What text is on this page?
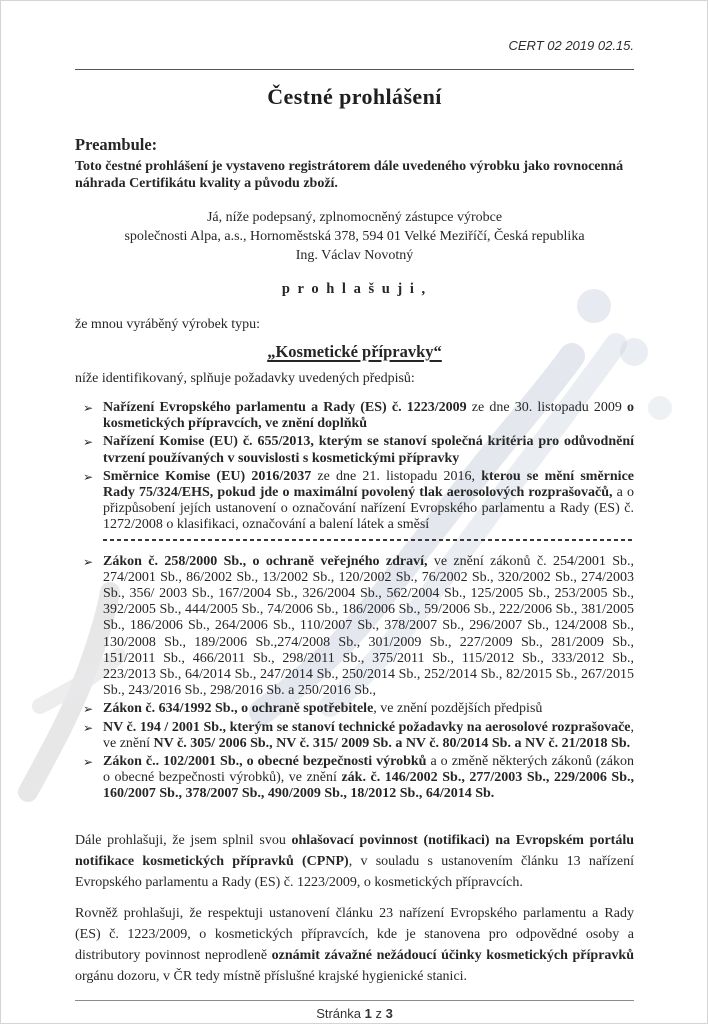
CERT 02 2019 02.15.
Čestné prohlášení
Preambule:
Toto čestné prohlášení je vystaveno registrátorem dále uvedeného výrobku jako rovnocenná náhrada Certifikátu kvality a původu zboží.
Já, níže podepsaný, zplnomocněný zástupce výrobce
společnosti Alpa, a.s., Hornoměstská 378, 594 01 Velké Meziříčí, Česká republika
Ing. Václav Novotný
p r o h l a š u j i ,
že mnou vyráběný výrobek typu:
„Kosmetické přípravky“
níže identifikovaný, splňuje požadavky uvedených předpisů:
➢ Nařízení Evropského parlamentu a Rady (ES) č. 1223/2009 ze dne 30. listopadu 2009 o kosmetických přípravcích, ve znění doplňků
➢ Nařízení Komise (EU) č. 655/2013, kterým se stanoví společná kritéria pro odůvodnění tvrzení používaných v souvislosti s kosmetickými přípravky
➢ Směrnice Komise (EU) 2016/2037 ze dne 21. listopadu 2016, kterou se mění směrnice Rady 75/324/EHS, pokud jde o maximální povolený tlak aerosolových rozprašovačů, a o přizpůsobení jejích ustanovení o označování nařízení Evropského parlamentu a Rady (ES) č. 1272/2008 o klasifikaci, označování a balení látek a směsí
➢ Zákon č. 258/2000 Sb., o ochraně veřejného zdraví, ve znění zákonů č. 254/2001 Sb., 274/2001 Sb., 86/2002 Sb., 13/2002 Sb., 120/2002 Sb., 76/2002 Sb., 320/2002 Sb., 274/2003 Sb., 356/ 2003 Sb., 167/2004 Sb., 326/2004 Sb., 562/2004 Sb., 125/2005 Sb., 253/2005 Sb., 392/2005 Sb., 444/2005 Sb., 74/2006 Sb., 186/2006 Sb., 59/2006 Sb., 222/2006 Sb., 381/2005 Sb., 186/2006 Sb., 264/2006 Sb., 110/2007 Sb., 378/2007 Sb., 296/2007 Sb., 124/2008 Sb., 130/2008 Sb., 189/2006 Sb.,274/2008 Sb., 301/2009 Sb., 227/2009 Sb., 281/2009 Sb., 151/2011 Sb., 466/2011 Sb., 298/2011 Sb., 375/2011 Sb., 115/2012 Sb., 333/2012 Sb., 223/2013 Sb., 64/2014 Sb., 247/2014 Sb., 250/2014 Sb., 252/2014 Sb., 82/2015 Sb., 267/2015 Sb., 243/2016 Sb., 298/2016 Sb. a 250/2016 Sb.,
➢ Zákon č. 634/1992 Sb., o ochraně spotřebitele, ve znění pozdějších předpisů
➢ NV č. 194 / 2001 Sb., kterým se stanoví technické požadavky na aerosolové rozprašovače, ve znění NV č. 305/ 2006 Sb., NV č. 315/ 2009 Sb. a NV č. 80/2014 Sb. a NV č. 21/2018 Sb.
➢ Zákon č.. 102/2001 Sb., o obecné bezpečnosti výrobků a o změně některých zákonů (zákon o obecné bezpečnosti výrobků), ve znění zák. č. 146/2002 Sb., 277/2003 Sb., 229/2006 Sb., 160/2007 Sb., 378/2007 Sb., 490/2009 Sb., 18/2012 Sb., 64/2014 Sb.
Dále prohlašuji, že jsem splnil svou ohlašovací povinnost (notifikaci) na Evropském portálu notifikace kosmetických přípravků (CPNP), v souladu s ustanovením článku 13 nařízení Evropského parlamentu a Rady (ES) č. 1223/2009, o kosmetických přípravcích.
Rovněž prohlašuji, že respektuji ustanovení článku 23 nařízení Evropského parlamentu a Rady (ES) č. 1223/2009, o kosmetických přípravcích, kde je stanovena pro odpovědné osoby a distributory povinnost neprodleně oznámit závažné nežádoucí účinky kosmetických přípravků orgánu dozoru, v ČR tedy místně příslušné krajské hygienické stanici.
Stránka 1 z 3
